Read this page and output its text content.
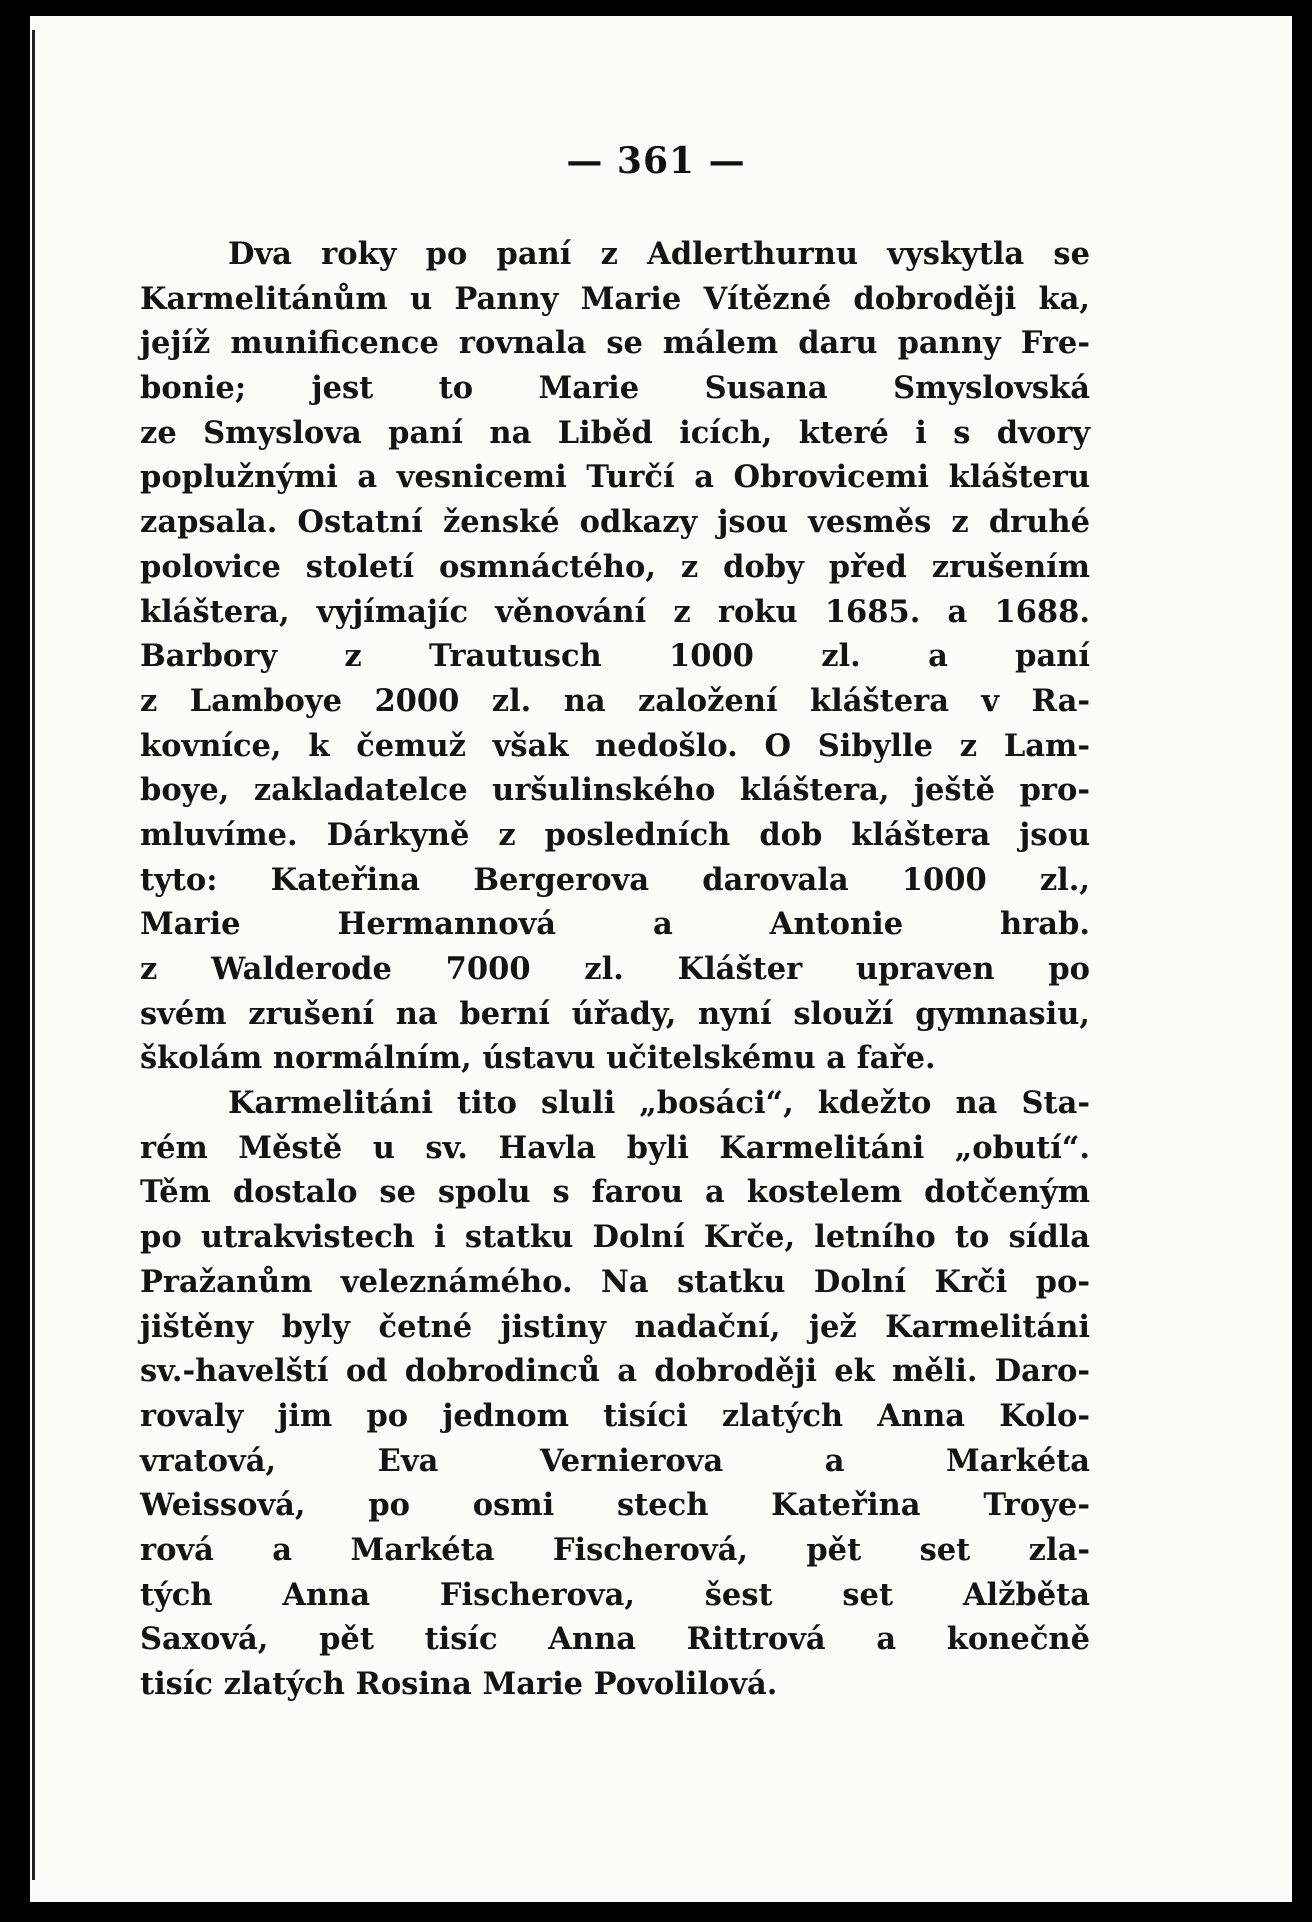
— 361 —
Dva roky po paní z Adlerthurnu vyskytla se
Karmelitánům u Panny Marie Vítězné dobroději ka,
jejíž munificence rovnala se málem daru panny Fre-
bonie; jest to Marie Susana Smyslovská
ze Smyslova paní na Liběd icích, které i s dvory
poplužnými a vesnicemi Turčí a Obrovicemi klášteru
zapsala. Ostatní ženské odkazy jsou vesměs z druhé
polovice století osmnáctého, z doby před zrušením
kláštera, vyjímajíc věnování z roku 1685. a 1688.
Barbory z Trautusch 1000 zl. a paní
z Lamboye 2000 zl. na založení kláštera v Ra-
kovníce, k čemuž však nedošlo. O Sibylle z Lam-
boye, zakladatelce uršulinského kláštera, ještě pro-
mluvíme. Dárkyně z posledních dob kláštera jsou
tyto: Kateřina Bergerova darovala 1000 zl.,
Marie Hermannová a Antonie hrab.
z Walderode 7000 zl. Klášter upraven po
svém zrušení na berní úřady, nyní slouží gymnasiu,
školám normálním, ústavu učitelskému a faře.
Karmelitáni tito sluli „bosáci“, kdežto na Sta-
rém Městě u sv. Havla byli Karmelitáni „obutí“.
Těm dostalo se spolu s farou a kostelem dotčeným
po utrakvistech i statku Dolní Krče, letního to sídla
Pražanům veleznámého. Na statku Dolní Krči po-
jištěny byly četné jistiny nadační, jež Karmelitáni
sv.-havelští od dobrodinců a dobroději ek měli. Daro-
rovaly jim po jednom tisíci zlatých Anna Kolo-
vratová, Eva Vernierova a Markéta
Weissová, po osmi stech Kateřina Troye-
rová a Markéta Fischerová, pět set zla-
tých Anna Fischerova, šest set Alžběta
Saxová, pět tisíc Anna Rittrová a konečně
tisíc zlatých Rosina Marie Povolilová.
